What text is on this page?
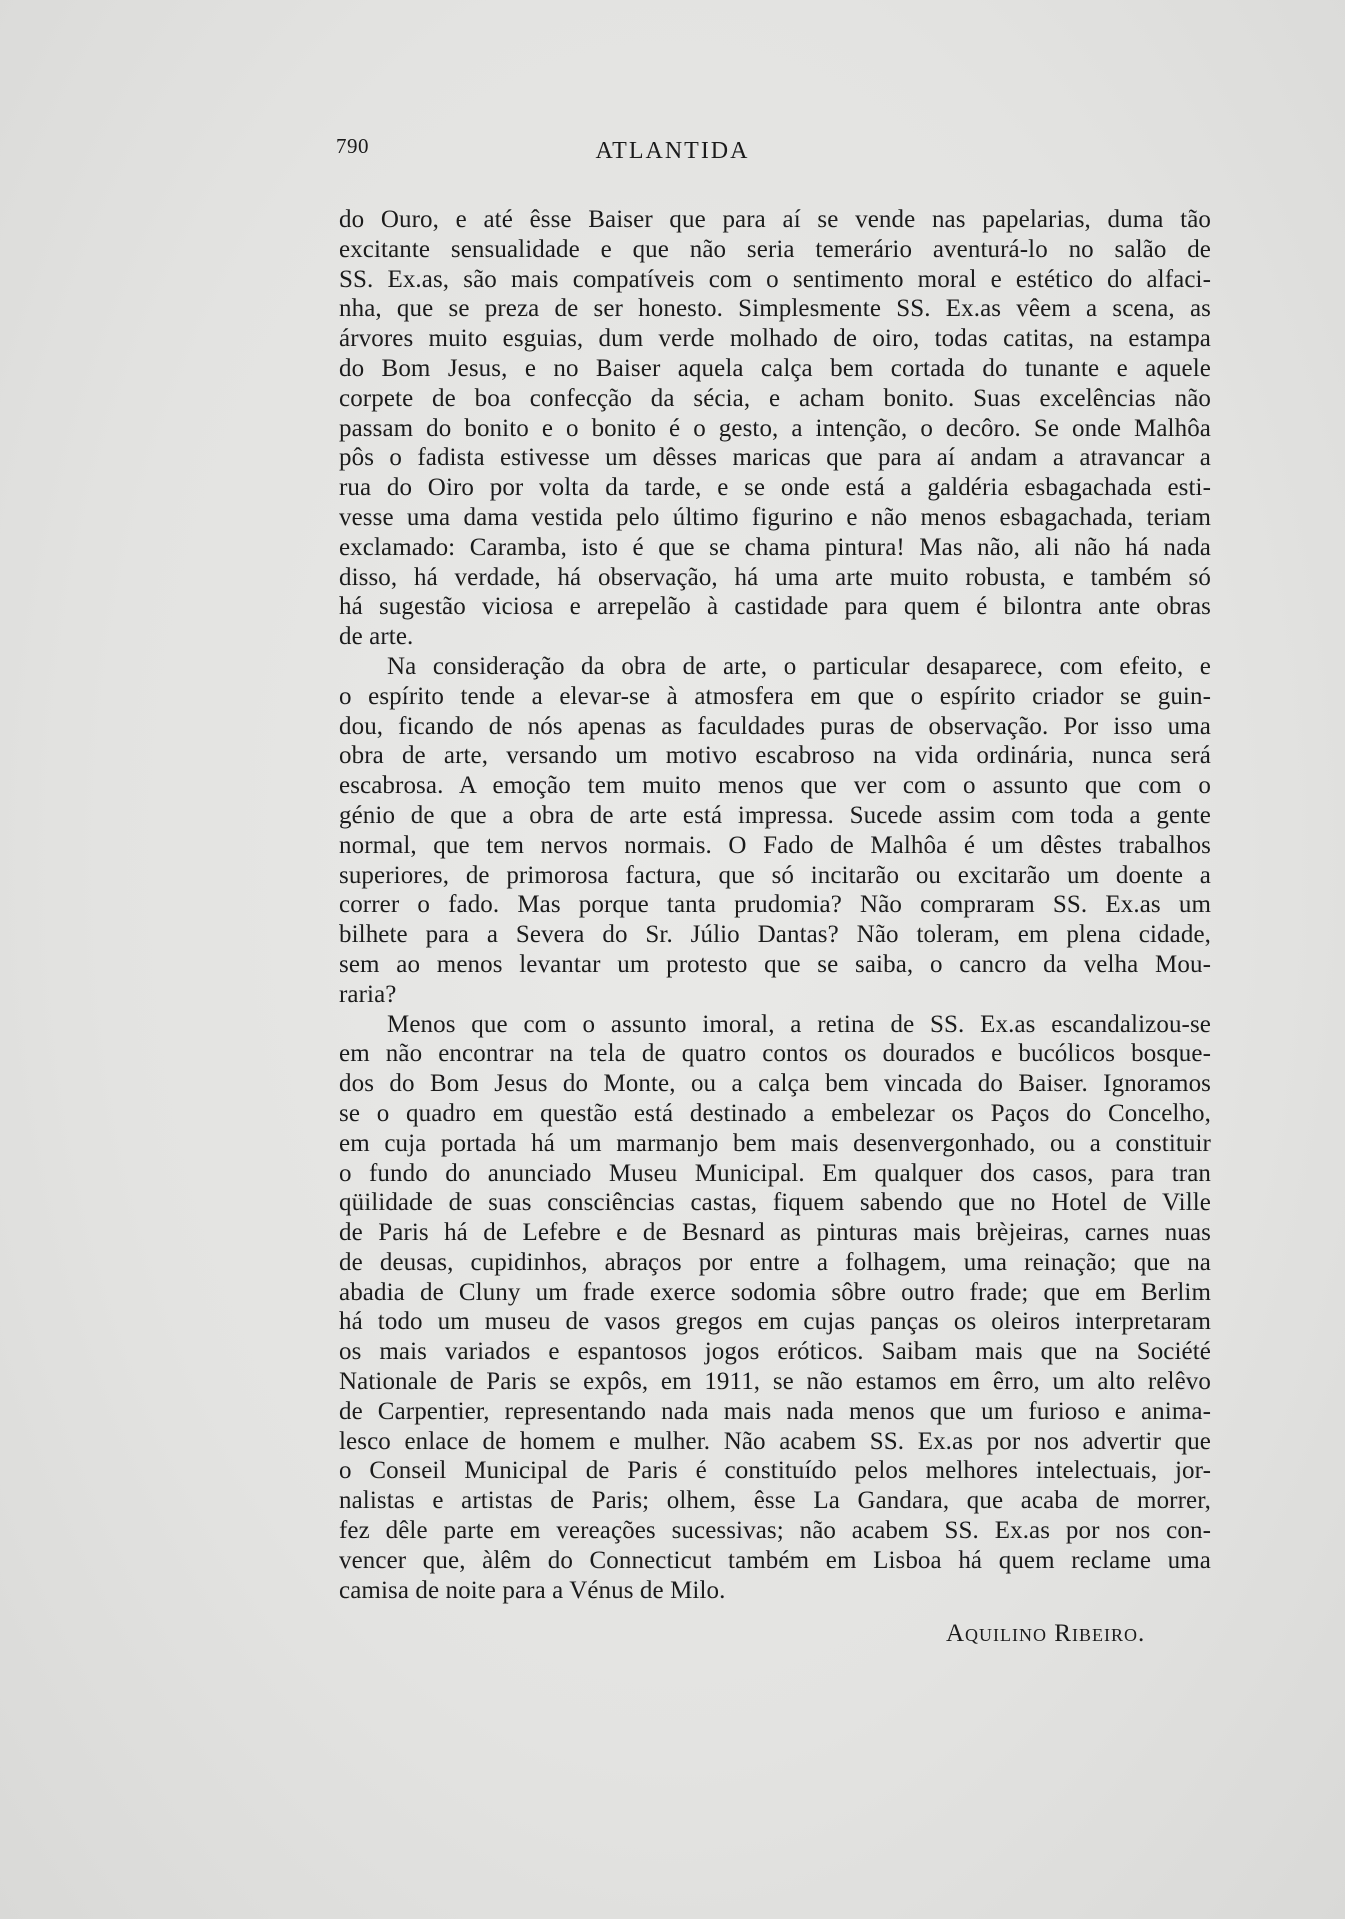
790	ATLANTIDA
do Ouro, e até êsse Baiser que para aí se vende nas papelarias, duma tão
excitante sensualidade e que não seria temerário aventurá-lo no salão de
SS. Ex.as, são mais compatíveis com o sentimento moral e estético do alfaci-
nha, que se preza de ser honesto. Simplesmente SS. Ex.as vêem a scena, as
árvores muito esguias, dum verde molhado de oiro, todas catitas, na estampa
do Bom Jesus, e no Baiser aquela calça bem cortada do tunante e aquele
corpete de boa confecção da sécia, e acham bonito. Suas excelências não
passam do bonito e o bonito é o gesto, a intenção, o decôro. Se onde Malhôa
pôs o fadista estivesse um dêsses maricas que para aí andam a atravancar a
rua do Oiro por volta da tarde, e se onde está a galdéria esbagachada esti-
vesse uma dama vestida pelo último figurino e não menos esbagachada, teriam
exclamado: Caramba, isto é que se chama pintura! Mas não, ali não há nada
disso, há verdade, há observação, há uma arte muito robusta, e também só
há sugestão viciosa e arrepelão à castidade para quem é bilontra ante obras
de arte.
Na consideração da obra de arte, o particular desaparece, com efeito, e
o espírito tende a elevar-se à atmosfera em que o espírito criador se guin-
dou, ficando de nós apenas as faculdades puras de observação. Por isso uma
obra de arte, versando um motivo escabroso na vida ordinária, nunca será
escabrosa. A emoção tem muito menos que ver com o assunto que com o
génio de que a obra de arte está impressa. Sucede assim com toda a gente
normal, que tem nervos normais. O Fado de Malhôa é um dêstes trabalhos
superiores, de primorosa factura, que só incitarão ou excitarão um doente a
correr o fado. Mas porque tanta prudomia? Não compraram SS. Ex.as um
bilhete para a Severa do Sr. Júlio Dantas? Não toleram, em plena cidade,
sem ao menos levantar um protesto que se saiba, o cancro da velha Mou-
raria?
Menos que com o assunto imoral, a retina de SS. Ex.as escandalizou-se
em não encontrar na tela de quatro contos os dourados e bucólicos bosque-
dos do Bom Jesus do Monte, ou a calça bem vincada do Baiser. Ignoramos
se o quadro em questão está destinado a embelezar os Paços do Concelho,
em cuja portada há um marmanjo bem mais desenvergonhado, ou a constituir
o fundo do anunciado Museu Municipal. Em qualquer dos casos, para tran
qüilidade de suas consciências castas, fiquem sabendo que no Hotel de Ville
de Paris há de Lefebre e de Besnard as pinturas mais brèjeiras, carnes nuas
de deusas, cupidinhos, abraços por entre a folhagem, uma reinação; que na
abadia de Cluny um frade exerce sodomia sôbre outro frade; que em Berlim
há todo um museu de vasos gregos em cujas panças os oleiros interpretaram
os mais variados e espantosos jogos eróticos. Saibam mais que na Société
Nationale de Paris se expôs, em 1911, se não estamos em êrro, um alto relêvo
de Carpentier, representando nada mais nada menos que um furioso e anima-
lesco enlace de homem e mulher. Não acabem SS. Ex.as por nos advertir que
o Conseil Municipal de Paris é constituído pelos melhores intelectuais, jor-
nalistas e artistas de Paris; olhem, êsse La Gandara, que acaba de morrer,
fez dêle parte em vereações sucessivas; não acabem SS. Ex.as por nos con-
vencer que, àlêm do Connecticut também em Lisboa há quem reclame uma
camisa de noite para a Vénus de Milo.
Aquilino Ribeiro.
